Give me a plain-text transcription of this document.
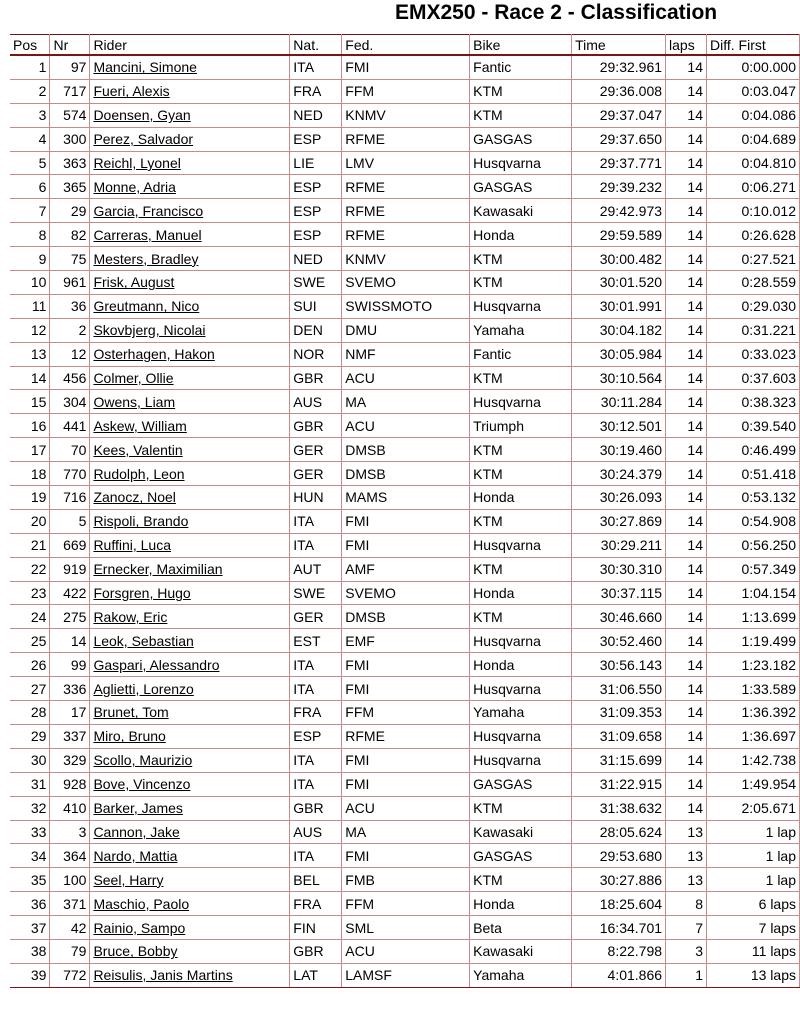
EMX250 - Race 2 - Classification
Pos	Nr	Rider	Nat.	Fed.	Bike	Time	laps	Diff. First
1	97	Mancini, Simone	ITA	FMI	Fantic	29:32.961	14	0:00.000
2	717	Fueri, Alexis	FRA	FFM	KTM	29:36.008	14	0:03.047
3	574	Doensen, Gyan	NED	KNMV	KTM	29:37.047	14	0:04.086
4	300	Perez, Salvador	ESP	RFME	GASGAS	29:37.650	14	0:04.689
5	363	Reichl, Lyonel	LIE	LMV	Husqvarna	29:37.771	14	0:04.810
6	365	Monne, Adria	ESP	RFME	GASGAS	29:39.232	14	0:06.271
7	29	Garcia, Francisco	ESP	RFME	Kawasaki	29:42.973	14	0:10.012
8	82	Carreras, Manuel	ESP	RFME	Honda	29:59.589	14	0:26.628
9	75	Mesters, Bradley	NED	KNMV	KTM	30:00.482	14	0:27.521
10	961	Frisk, August	SWE	SVEMO	KTM	30:01.520	14	0:28.559
11	36	Greutmann, Nico	SUI	SWISSMOTO	Husqvarna	30:01.991	14	0:29.030
12	2	Skovbjerg, Nicolai	DEN	DMU	Yamaha	30:04.182	14	0:31.221
13	12	Osterhagen, Hakon	NOR	NMF	Fantic	30:05.984	14	0:33.023
14	456	Colmer, Ollie	GBR	ACU	KTM	30:10.564	14	0:37.603
15	304	Owens, Liam	AUS	MA	Husqvarna	30:11.284	14	0:38.323
16	441	Askew, William	GBR	ACU	Triumph	30:12.501	14	0:39.540
17	70	Kees, Valentin	GER	DMSB	KTM	30:19.460	14	0:46.499
18	770	Rudolph, Leon	GER	DMSB	KTM	30:24.379	14	0:51.418
19	716	Zanocz, Noel	HUN	MAMS	Honda	30:26.093	14	0:53.132
20	5	Rispoli, Brando	ITA	FMI	KTM	30:27.869	14	0:54.908
21	669	Ruffini, Luca	ITA	FMI	Husqvarna	30:29.211	14	0:56.250
22	919	Ernecker, Maximilian	AUT	AMF	KTM	30:30.310	14	0:57.349
23	422	Forsgren, Hugo	SWE	SVEMO	Honda	30:37.115	14	1:04.154
24	275	Rakow, Eric	GER	DMSB	KTM	30:46.660	14	1:13.699
25	14	Leok, Sebastian	EST	EMF	Husqvarna	30:52.460	14	1:19.499
26	99	Gaspari, Alessandro	ITA	FMI	Honda	30:56.143	14	1:23.182
27	336	Aglietti, Lorenzo	ITA	FMI	Husqvarna	31:06.550	14	1:33.589
28	17	Brunet, Tom	FRA	FFM	Yamaha	31:09.353	14	1:36.392
29	337	Miro, Bruno	ESP	RFME	Husqvarna	31:09.658	14	1:36.697
30	329	Scollo, Maurizio	ITA	FMI	Husqvarna	31:15.699	14	1:42.738
31	928	Bove, Vincenzo	ITA	FMI	GASGAS	31:22.915	14	1:49.954
32	410	Barker, James	GBR	ACU	KTM	31:38.632	14	2:05.671
33	3	Cannon, Jake	AUS	MA	Kawasaki	28:05.624	13	1 lap
34	364	Nardo, Mattia	ITA	FMI	GASGAS	29:53.680	13	1 lap
35	100	Seel, Harry	BEL	FMB	KTM	30:27.886	13	1 lap
36	371	Maschio, Paolo	FRA	FFM	Honda	18:25.604	8	6 laps
37	42	Rainio, Sampo	FIN	SML	Beta	16:34.701	7	7 laps
38	79	Bruce, Bobby	GBR	ACU	Kawasaki	8:22.798	3	11 laps
39	772	Reisulis, Janis Martins	LAT	LAMSF	Yamaha	4:01.866	1	13 laps
